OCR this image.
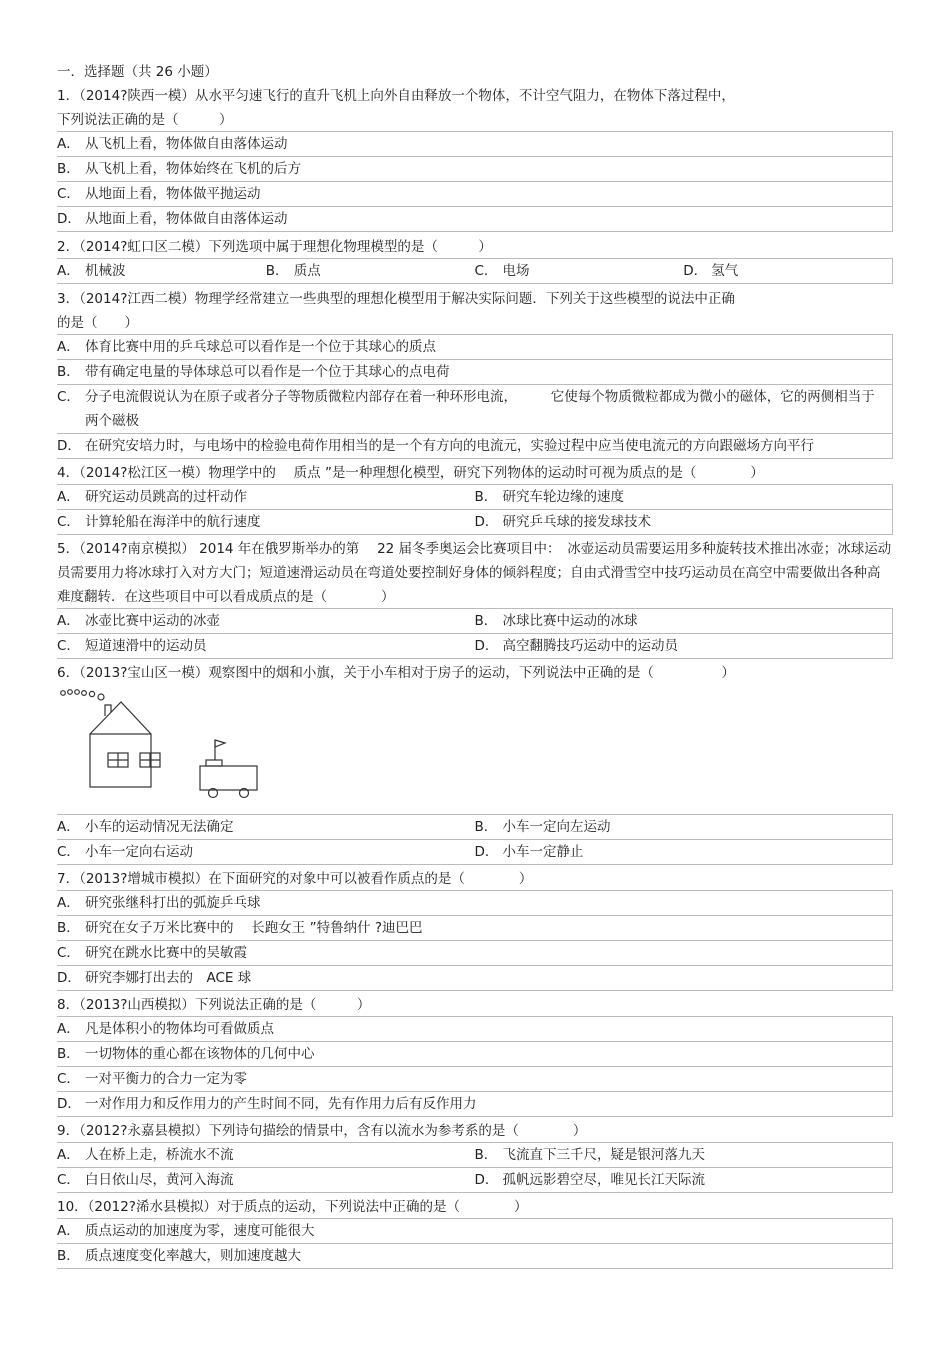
一．选择题（共 26 小题）
1．（2014?陕西一模）从水平匀速飞行的直升飞机上向外自由释放一个物体，不计空气阻力，在物体下落过程中，
下列说法正确的是（　　　）
A． 从飞机上看，物体做自由落体运动
B． 从飞机上看，物体始终在飞机的后方
C． 从地面上看，物体做平抛运动
D． 从地面上看，物体做自由落体运动
2．（2014?虹口区二模）下列选项中属于理想化物理模型的是（　　　）
A． 机械波	B． 质点	C． 电场	D． 氢气
3．（2014?江西二模）物理学经常建立一些典型的理想化模型用于解决实际问题．下列关于这些模型的说法中正确
的是（　　）
A． 体育比赛中用的乒乓球总可以看作是一个位于其球心的质点
B． 带有确定电量的导体球总可以看作是一个位于其球心的点电荷
C． 分子电流假说认为在原子或者分子等物质微粒内部存在着一种环形电流，　　　它使每个物质微粒都成为微小的磁体，它的两侧相当于两个磁极
D． 在研究安培力时，与电场中的检验电荷作用相当的是一个有方向的电流元，实验过程中应当使电流元的方向跟磁场方向平行
4．（2014?松江区一模）物理学中的　 质点 ”是一种理想化模型，研究下列物体的运动时可视为质点的是（　　　　）
A． 研究运动员跳高的过杆动作	B． 研究车轮边缘的速度
C． 计算轮船在海洋中的航行速度	D． 研究乒乓球的接发球技术
5．（2014?南京模拟） 2014 年在俄罗斯举办的第　 22 届冬季奥运会比赛项目中：　冰壶运动员需要运用多种旋转技术推出冰壶；冰球运动员需要用力将冰球打入对方大门；短道速滑运动员在弯道处要控制好身体的倾斜程度；自由式滑雪空中技巧运动员在高空中需要做出各种高难度翻转．在这些项目中可以看成质点的是（　　　　）
A． 冰壶比赛中运动的冰壶	B． 冰球比赛中运动的冰球
C． 短道速滑中的运动员	D． 高空翻腾技巧运动中的运动员
6．（2013?宝山区一模）观察图中的烟和小旗，关于小车相对于房子的运动，下列说法中正确的是（　　　　　）
A． 小车的运动情况无法确定	B． 小车一定向左运动
C． 小车一定向右运动	D． 小车一定静止
7．（2013?增城市模拟）在下面研究的对象中可以被看作质点的是（　　　　）
A． 研究张继科打出的弧旋乒乓球
B． 研究在女子万米比赛中的　 长跑女王 ”特鲁纳什 ?迪巴巴
C． 研究在跳水比赛中的吴敏霞
D． 研究李娜打出去的　ACE 球
8．（2013?山西模拟）下列说法正确的是（　　　）
A． 凡是体积小的物体均可看做质点
B． 一切物体的重心都在该物体的几何中心
C． 一对平衡力的合力一定为零
D． 一对作用力和反作用力的产生时间不同，先有作用力后有反作用力
9．（2012?永嘉县模拟）下列诗句描绘的情景中，含有以流水为参考系的是（　　　　）
A． 人在桥上走，桥流水不流	B． 飞流直下三千尺，疑是银河落九天
C． 白日依山尽，黄河入海流	D． 孤帆远影碧空尽，唯见长江天际流
10．（2012?浠水县模拟）对于质点的运动，下列说法中正确的是（　　　　）
A． 质点运动的加速度为零，速度可能很大
B． 质点速度变化率越大，则加速度越大
